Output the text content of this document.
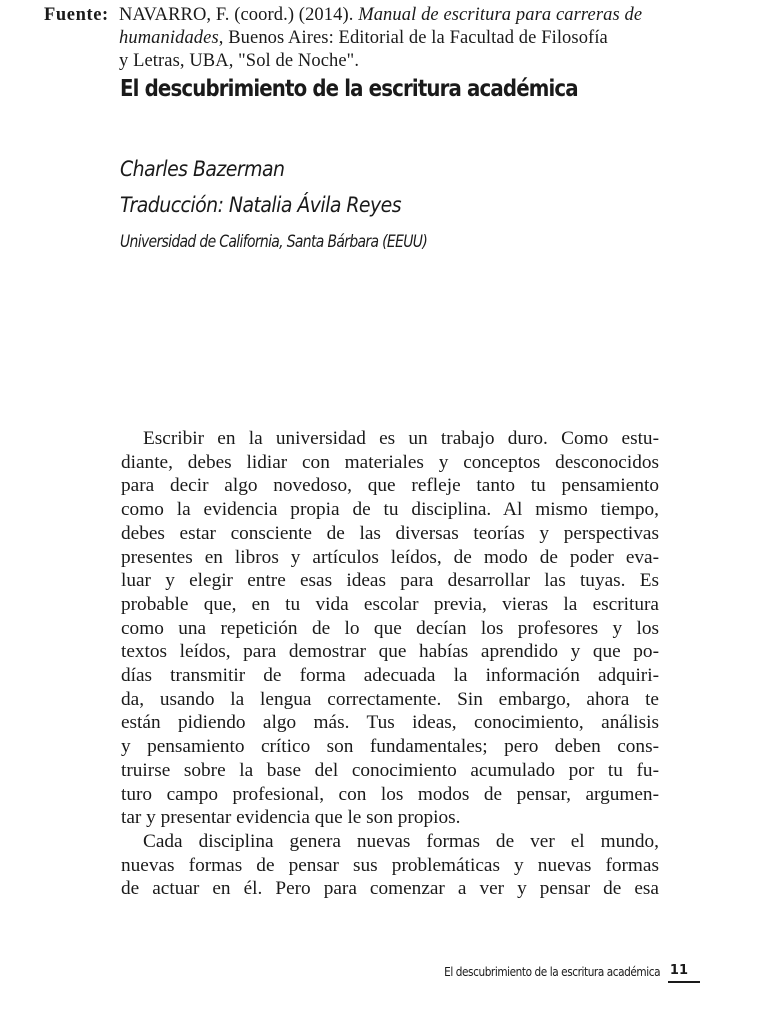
Fuente: NAVARRO, F. (coord.) (2014). Manual de escritura para carreras de
humanidades, Buenos Aires: Editorial de la Facultad de Filosofía
y Letras, UBA, "Sol de Noche".
El descubrimiento de la escritura académica
Charles Bazerman
Traducción: Natalia Ávila Reyes
Universidad de California, Santa Bárbara (EEUU)

Escribir en la universidad es un trabajo duro. Como estu-
diante, debes lidiar con materiales y conceptos desconocidos
para decir algo novedoso, que refleje tanto tu pensamiento
como la evidencia propia de tu disciplina. Al mismo tiempo,
debes estar consciente de las diversas teorías y perspectivas
presentes en libros y artículos leídos, de modo de poder eva-
luar y elegir entre esas ideas para desarrollar las tuyas. Es
probable que, en tu vida escolar previa, vieras la escritura
como una repetición de lo que decían los profesores y los
textos leídos, para demostrar que habías aprendido y que po-
días transmitir de forma adecuada la información adquiri-
da, usando la lengua correctamente. Sin embargo, ahora te
están pidiendo algo más. Tus ideas, conocimiento, análisis
y pensamiento crítico son fundamentales; pero deben cons-
truirse sobre la base del conocimiento acumulado por tu fu-
turo campo profesional, con los modos de pensar, argumen-
tar y presentar evidencia que le son propios.

Cada disciplina genera nuevas formas de ver el mundo,
nuevas formas de pensar sus problemáticas y nuevas formas
de actuar en él. Pero para comenzar a ver y pensar de esa

El descubrimiento de la escritura académica 11
